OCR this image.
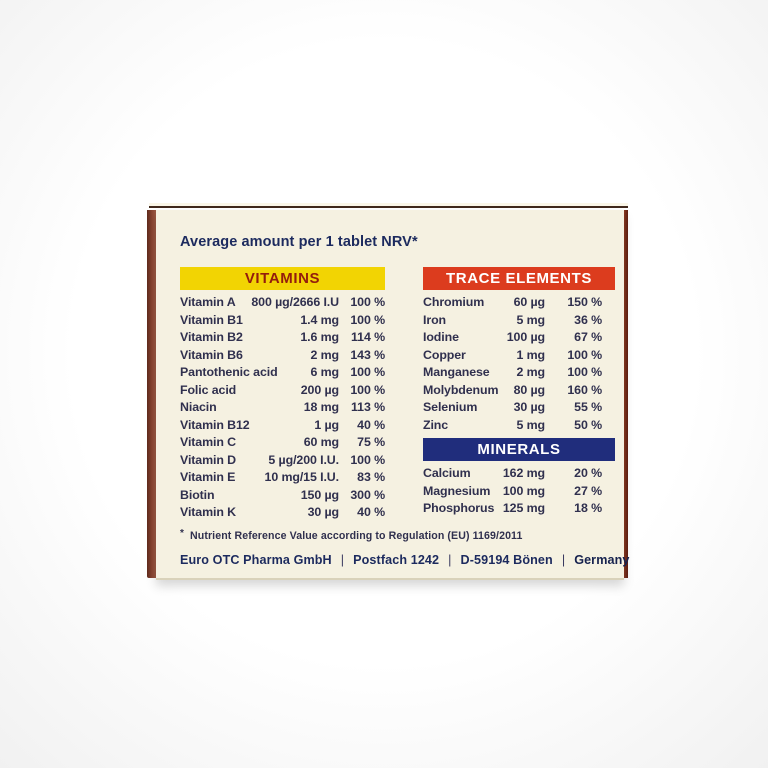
Average amount per 1 tablet NRV*
VITAMINS
Vitamin A	800 µg/2666 I.U 100 %
Vitamin B1	1.4 mg 100 %
Vitamin B2	1.6 mg 114 %
Vitamin B6	2 mg 143 %
Pantothenic acid	6 mg 100 %
Folic acid	200 µg 100 %
Niacin	18 mg 113 %
Vitamin B12	1 µg	40 %
Vitamin C	60 mg	75 %
Vitamin D	5 µg/200 I.U. 100 %
Vitamin E	10 mg/15 I.U.	83 %
Biotin	150 µg 300 %
Vitamin K	30 µg	40 %
TRACE ELEMENTS
Chromium	60 µg	150 %
Iron	5 mg	36 %
Iodine	100 µg	67 %
Copper	1 mg	100 %
Manganese	2 mg	100 %
Molybdenum	80 µg	160 %
Selenium	30 µg	55 %
Zinc	5 mg	50 %
MINERALS
Calcium	162 mg	20 %
Magnesium	100 mg	27 %
Phosphorus 125 mg	18 %
* Nutrient Reference Value according to Regulation (EU) 1169/2011
Euro OTC Pharma GmbH | Postfach 1242 | D-59194 Bönen | Germany
